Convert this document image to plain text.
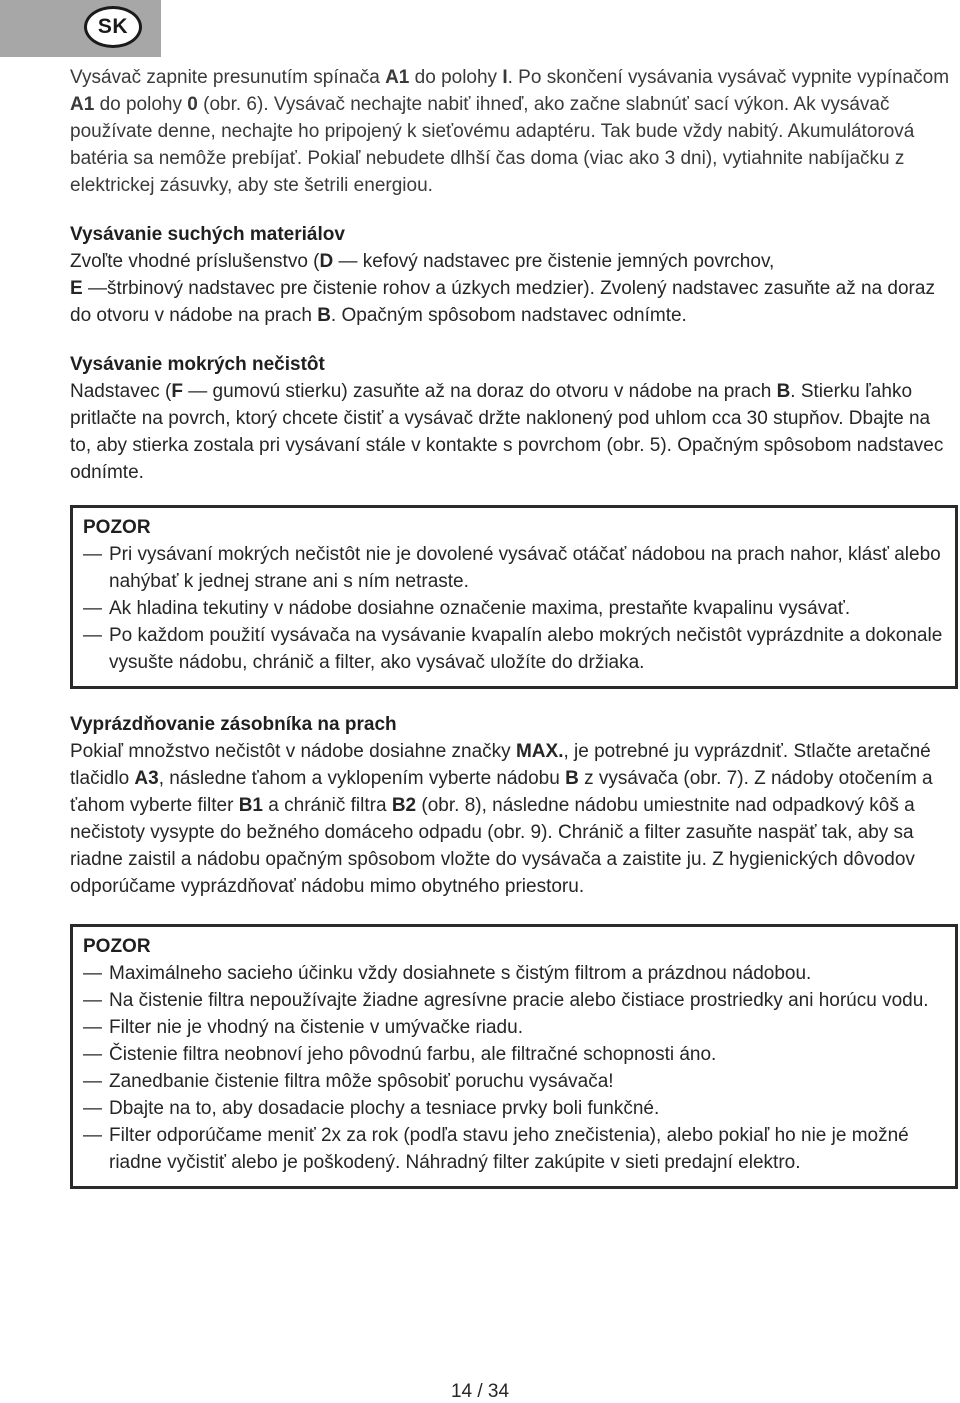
SK

Vysávač zapnite presunutím spínača A1 do polohy I. Po skončení vysávania vysávač vypnite vypínačom A1 do polohy 0 (obr. 6). Vysávač nechajte nabiť ihneď, ako začne slabnúť sací výkon. Ak vysávač používate denne, nechajte ho pripojený k sieťovému adaptéru. Tak bude vždy nabitý. Akumulátorová batéria sa nemôže prebíjať. Pokiaľ nebudete dlhší čas doma (viac ako 3 dni), vytiahnite nabíjačku z elektrickej zásuvky, aby ste šetrili energiou.

Vysávanie suchých materiálov

Zvoľte vhodné príslušenstvo (D — kefový nadstavec pre čistenie jemných povrchov,
E —štrbinový nadstavec pre čistenie rohov a úzkych medzier). Zvolený nadstavec zasuňte až na doraz do otvoru v nádobe na prach B. Opačným spôsobom nadstavec odnímte.

Vysávanie mokrých nečistôt

Nadstavec (F — gumovú stierku) zasuňte až na doraz do otvoru v nádobe na prach B. Stierku ľahko pritlačte na povrch, ktorý chcete čistiť a vysávač držte naklonený pod uhlom cca 30 stupňov. Dbajte na to, aby stierka zostala pri vysávaní stále v kontakte s povrchom (obr. 5). Opačným spôsobom nadstavec odnímte.

POZOR

— Pri vysávaní mokrých nečistôt nie je dovolené vysávač otáčať nádobou na prach nahor, klásť alebo nahýbať k jednej strane ani s ním netraste.
— Ak hladina tekutiny v nádobe dosiahne označenie maxima, prestaňte kvapalinu vysávať.
— Po každom použití vysávača na vysávanie kvapalín alebo mokrých nečistôt vyprázdnite a dokonale vysušte nádobu, chránič a filter, ako vysávač uložíte do držiaka.

Vyprázdňovanie zásobníka na prach

Pokiaľ množstvo nečistôt v nádobe dosiahne značky MAX., je potrebné ju vyprázdniť. Stlačte aretačné tlačidlo A3, následne ťahom a vyklopením vyberte nádobu B z vysávača (obr. 7). Z nádoby otočením a ťahom vyberte filter B1 a chránič filtra B2 (obr. 8), následne nádobu umiestnite nad odpadkový kôš a nečistoty vysypte do bežného domáceho odpadu (obr. 9). Chránič a filter zasuňte naspäť tak, aby sa riadne zaistil a nádobu opačným spôsobom vložte do vysávača a zaistite ju. Z hygienických dôvodov odporúčame vyprázdňovať nádobu mimo obytného priestoru.

POZOR

— Maximálneho sacieho účinku vždy dosiahnete s čistým filtrom a prázdnou nádobou.
— Na čistenie filtra nepoužívajte žiadne agresívne pracie alebo čistiace prostriedky ani horúcu vodu.
— Filter nie je vhodný na čistenie v umývačke riadu.
— Čistenie filtra neobnoví jeho pôvodnú farbu, ale filtračné schopnosti áno.
— Zanedbanie čistenie filtra môže spôsobiť poruchu vysávača!
— Dbajte na to, aby dosadacie plochy a tesniace prvky boli funkčné.
— Filter odporúčame meniť 2x za rok (podľa stavu jeho znečistenia), alebo pokiaľ ho nie je možné riadne vyčistiť alebo je poškodený. Náhradný filter zakúpite v sieti predajní elektro.
14 / 34
